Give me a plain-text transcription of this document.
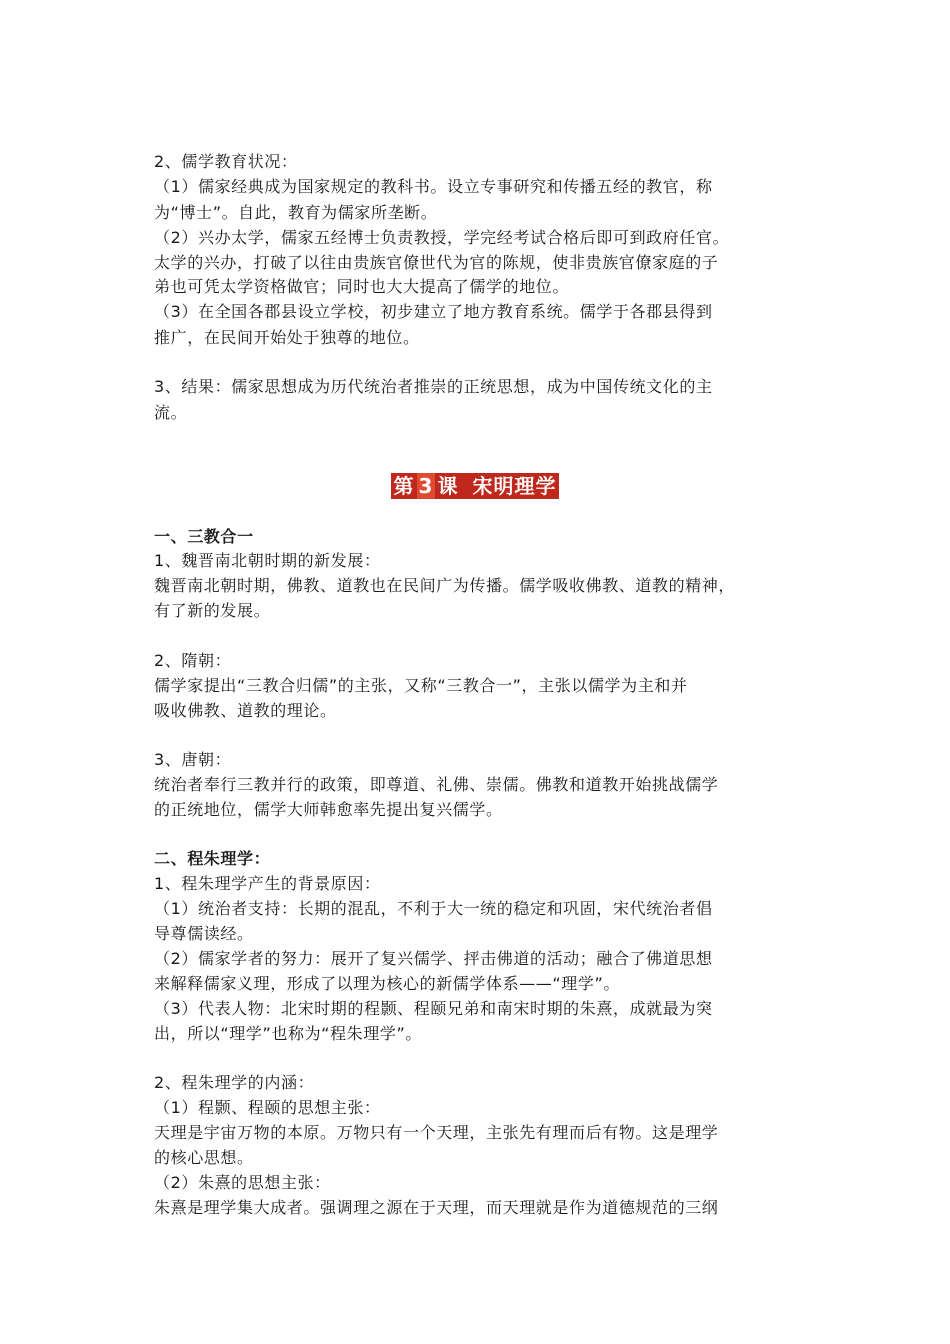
2、儒学教育状况：
（1）儒家经典成为国家规定的教科书。设立专事研究和传播五经的教官，称
为“博士”。自此，教育为儒家所垄断。
（2）兴办太学，儒家五经博士负责教授，学完经考试合格后即可到政府任官。
太学的兴办，打破了以往由贵族官僚世代为官的陈规，使非贵族官僚家庭的子
弟也可凭太学资格做官；同时也大大提高了儒学的地位。
（3）在全国各郡县设立学校，初步建立了地方教育系统。儒学于各郡县得到
推广，在民间开始处于独尊的地位。
3、结果：儒家思想成为历代统治者推崇的正统思想，成为中国传统文化的主
流。
第 3 课 宋明理学
一、三教合一
1、魏晋南北朝时期的新发展：
魏晋南北朝时期，佛教、道教也在民间广为传播。儒学吸收佛教、道教的精神，
有了新的发展。
2、隋朝：
儒学家提出“三教合归儒”的主张，又称“三教合一”，主张以儒学为主和并
吸收佛教、道教的理论。
3、唐朝：
统治者奉行三教并行的政策，即尊道、礼佛、崇儒。佛教和道教开始挑战儒学
的正统地位，儒学大师韩愈率先提出复兴儒学。
二、程朱理学：
1、程朱理学产生的背景原因：
（1）统治者支持：长期的混乱，不利于大一统的稳定和巩固，宋代统治者倡
导尊儒读经。
（2）儒家学者的努力：展开了复兴儒学、抨击佛道的活动；融合了佛道思想
来解释儒家义理，形成了以理为核心的新儒学体系——“理学”。
（3）代表人物：北宋时期的程颢、程颐兄弟和南宋时期的朱熹，成就最为突
出，所以“理学”也称为“程朱理学”。
2、程朱理学的内涵：
（1）程颢、程颐的思想主张：
天理是宇宙万物的本原。万物只有一个天理，主张先有理而后有物。这是理学
的核心思想。
（2）朱熹的思想主张：
朱熹是理学集大成者。强调理之源在于天理，而天理就是作为道德规范的三纲
